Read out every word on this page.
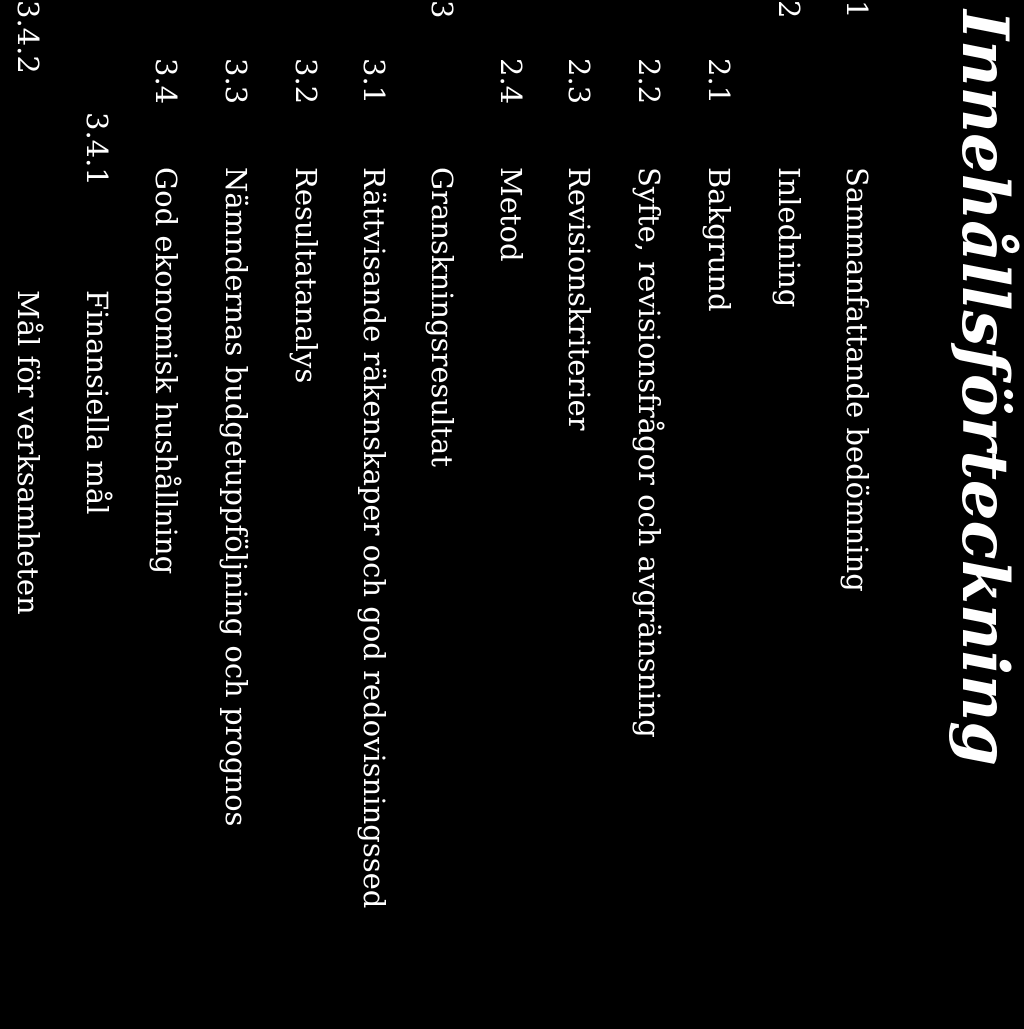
Innehållsförteckning
1
Sammanfattande bedömning
2
Inledning
2.1
Bakgrund
2.2
Syfte, revisionsfrågor och avgränsning
2.3
Revisionskriterier
2.4
Metod
3
Granskningsresultat
3.1
Rättvisande räkenskaper och god redovisningssed
3.2
Resultatanalys
3.3
Nämndernas budgetuppföljning och prognos
3.4
God ekonomisk hushållning
3.4.1
Finansiella mål
3.4.2
Mål för verksamheten
